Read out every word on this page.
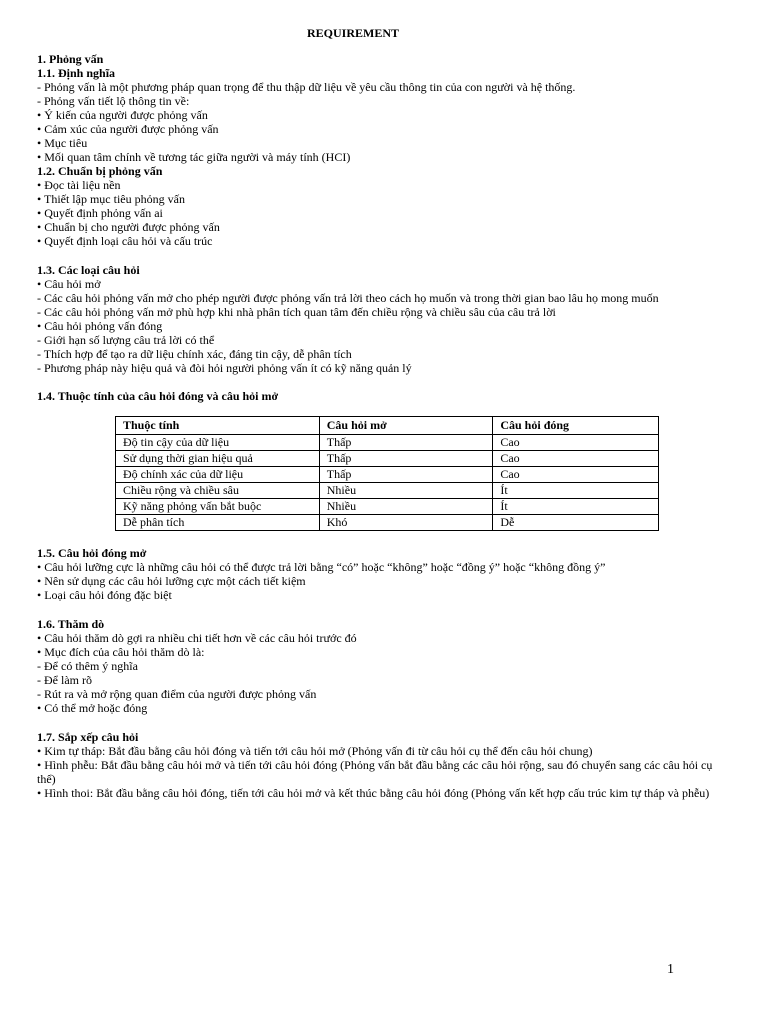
REQUIREMENT
1. Phỏng vấn
1.1. Định nghĩa
- Phỏng vấn là một phương pháp quan trọng để thu thập dữ liệu về yêu cầu thông tin của con người và hệ thống.
- Phỏng vấn tiết lộ thông tin về:
• Ý kiến của người được phỏng vấn
• Cảm xúc của người được phỏng vấn
• Mục tiêu
• Mối quan tâm chính về tương tác giữa người và máy tính (HCI)
1.2. Chuẩn bị phỏng vấn
• Đọc tài liệu nền
• Thiết lập mục tiêu phỏng vấn
• Quyết định phỏng vấn ai
• Chuẩn bị cho người được phỏng vấn
• Quyết định loại câu hỏi và cấu trúc
1.3. Các loại câu hỏi
• Câu hỏi mở
- Các câu hỏi phỏng vấn mở cho phép người được phỏng vấn trả lời theo cách họ muốn và trong thời gian bao lâu họ mong muốn
- Các câu hỏi phỏng vấn mở phù hợp khi nhà phân tích quan tâm đến chiều rộng và chiều sâu của câu trả lời
• Câu hỏi phỏng vấn đóng
- Giới hạn số lượng câu trả lời có thể
- Thích hợp để tạo ra dữ liệu chính xác, đáng tin cậy, dễ phân tích
- Phương pháp này hiệu quả và đòi hỏi người phỏng vấn ít có kỹ năng quản lý
1.4. Thuộc tính của câu hỏi đóng và câu hỏi mở
Thuộc tính	Câu hỏi mở	Câu hỏi đóng
Độ tin cậy của dữ liệu	Thấp	Cao
Sử dụng thời gian hiệu quả	Thấp	Cao
Độ chính xác của dữ liệu	Thấp	Cao
Chiều rộng và chiều sâu	Nhiều	Ít
Kỹ năng phỏng vấn bắt buộc	Nhiều	Ít
Dễ phân tích	Khó	Dễ
1.5. Câu hỏi đóng mở
• Câu hỏi lưỡng cực là những câu hỏi có thể được trả lời bằng “có” hoặc “không” hoặc “đồng ý” hoặc “không đồng ý”
• Nên sử dụng các câu hỏi lưỡng cực một cách tiết kiệm
• Loại câu hỏi đóng đặc biệt
1.6. Thăm dò
• Câu hỏi thăm dò gợi ra nhiều chi tiết hơn về các câu hỏi trước đó
• Mục đích của câu hỏi thăm dò là:
- Để có thêm ý nghĩa
- Để làm rõ
- Rút ra và mở rộng quan điểm của người được phỏng vấn
• Có thể mở hoặc đóng
1.7. Sắp xếp câu hỏi
• Kim tự tháp: Bắt đầu bằng câu hỏi đóng và tiến tới câu hỏi mở (Phỏng vấn đi từ câu hỏi cụ thể đến câu hỏi chung)
• Hình phễu: Bắt đầu bằng câu hỏi mở và tiến tới câu hỏi đóng (Phỏng vấn bắt đầu bằng các câu hỏi rộng, sau đó chuyển sang các câu hỏi cụ thể)
• Hình thoi: Bắt đầu bằng câu hỏi đóng, tiến tới câu hỏi mở và kết thúc bằng câu hỏi đóng (Phỏng vấn kết hợp cấu trúc kim tự tháp và phễu)
1
